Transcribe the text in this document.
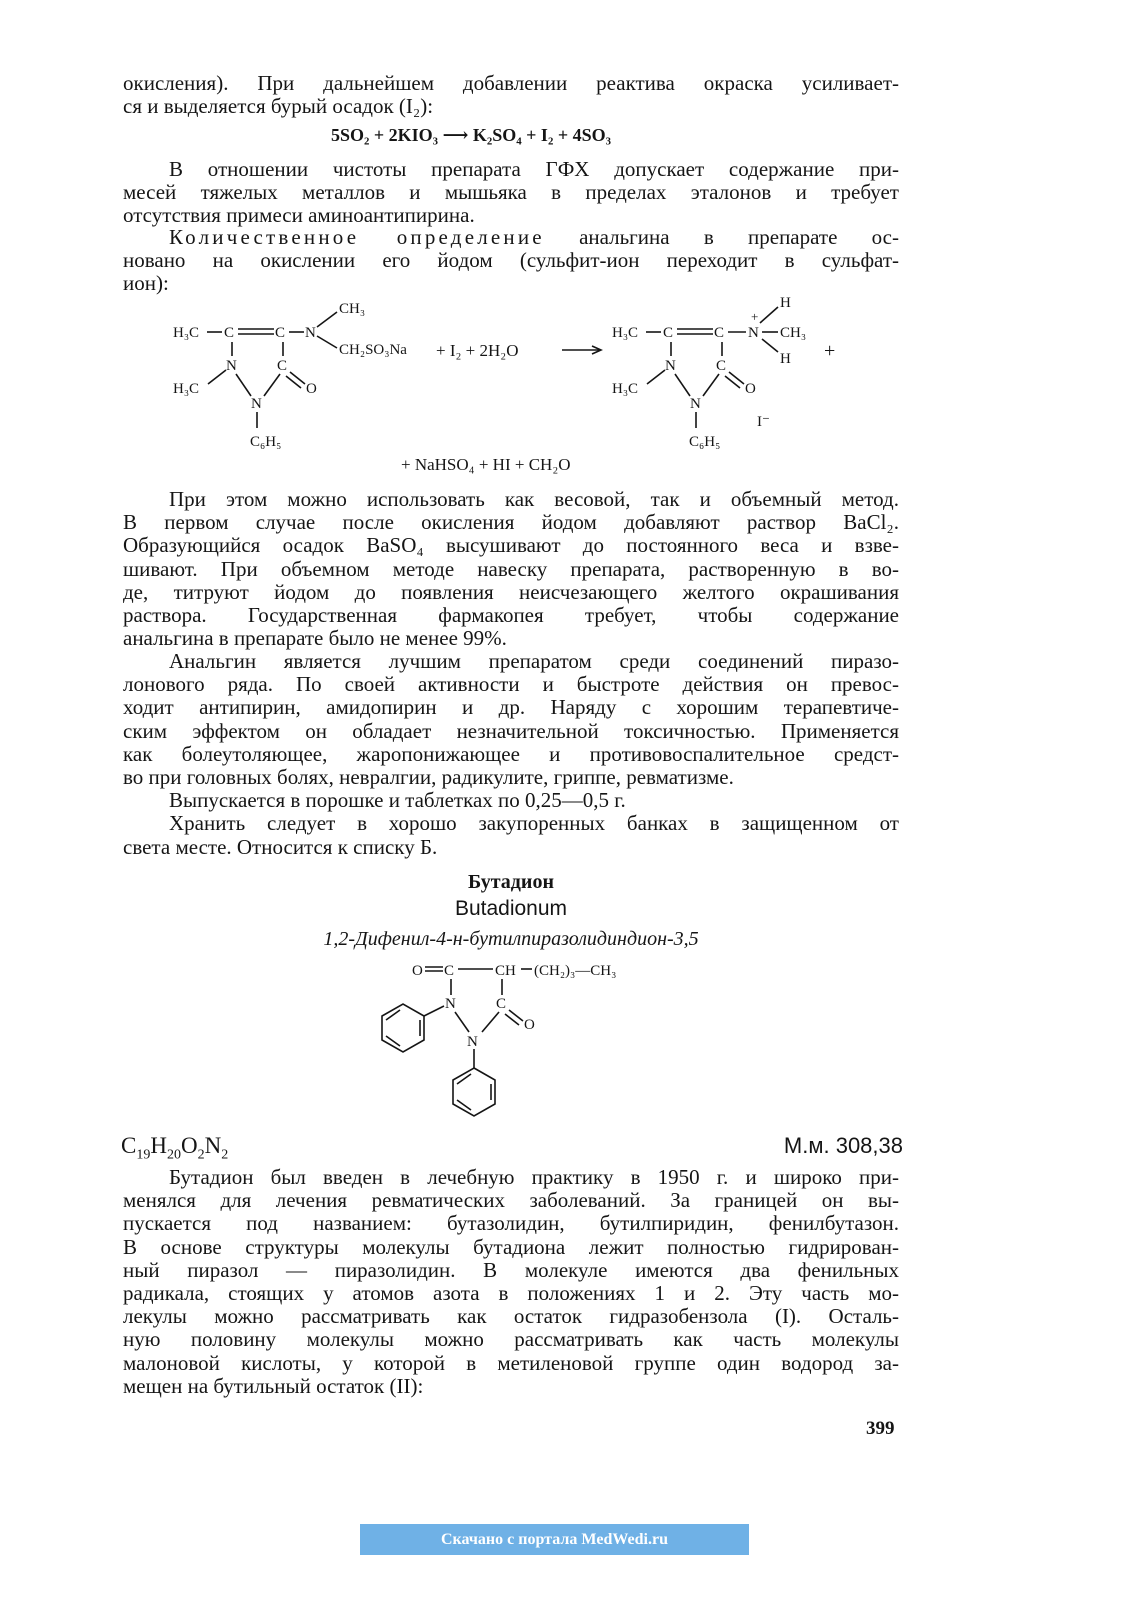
окисления). При дальнейшем добавлении реактива окраска усиливает-

ся и выделяется бурый осадок (I₂):

5SO₂ + 2KIO₃ ⟶ K₂SO₄ + I₂ + 4SO₃

В отношении чистоты препарата ГФХ допускает содержание при-

месей тяжелых металлов и мышьяка в пределах эталонов и требует

отсутствия примеси аминоантипирина.

Количественное определение анальгина в препарате ос-

новано на окислении его йодом (сульфит-ион переходит в сульфат-

ион):

H₃C C	C N
CH₃
CH₂SO₃Na
N	C
O
H₃C
N
C₆H₅
+ I₂ + 2H₂O
H₃C C	C N
+
H
CH₃
H
N	C
O
H₃C
N
C₆H₅
I⁻
+
+ NaHSO₄ + HI + CH₂O

При этом можно использовать как весовой, так и объемный метод.

В первом случае после окисления йодом добавляют раствор BaCl₂.

Образующийся осадок BaSO₄ высушивают до постоянного веса и взве-

шивают. При объемном методе навеску препарата, растворенную в во-

де, титруют йодом до появления неисчезающего желтого окрашивания

раствора. Государственная фармакопея требует, чтобы содержание

анальгина в препарате было не менее 99%.

Анальгин является лучшим препаратом среди соединений пиразо-

лонового ряда. По своей активности и быстроте действия он превос-

ходит антипирин, амидопирин и др. Наряду с хорошим терапевтиче-

ским эффектом он обладает незначительной токсичностью. Применяется

как болеутоляющее, жаропонижающее и противовоспалительное средст-

во при головных болях, невралгии, радикулите, гриппе, ревматизме.

Выпускается в порошке и таблетках по 0,25—0,5 г.

Хранить следует в хорошо закупоренных банках в защищенном от

света месте. Относится к списку Б.

Бутадион
Butadionum
1,2-Дифенил-4-н-бутилпиразолидиндион-3,5
O C	CH (CH₂)₃—CH₃
N	C
O
N
$C_{19}H_{20}O_2N_2$	М.м. 308,38

Бутадион был введен в лечебную практику в 1950 г. и широко при-

менялся для лечения ревматических заболеваний. За границей он вы-

пускается под названием: бутазолидин, бутилпиридин, фенилбутазон.

В основе структуры молекулы бутадиона лежит полностью гидрирован-

ный пиразол — пиразолидин. В молекуле имеются два фенильных

радикала, стоящих у атомов азота в положениях 1 и 2. Эту часть мо-

лекулы можно рассматривать как остаток гидразобензола (I). Осталь-

ную половину молекулы можно рассматривать как часть молекулы

малоновой кислоты, у которой в метиленовой группе один водород за-

мещен на бутильный остаток (II):

399
Скачано с портала MedWedi.ru
